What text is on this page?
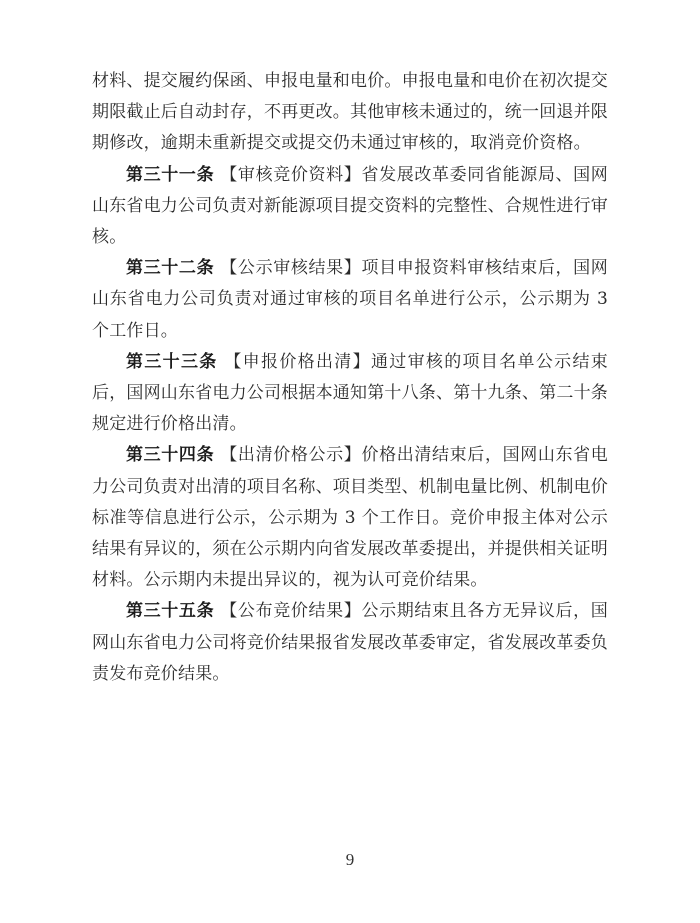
材料、提交履约保函、申报电量和电价。申报电量和电价在初次提交期限截止后自动封存，不再更改。其他审核未通过的，统一回退并限期修改，逾期未重新提交或提交仍未通过审核的，取消竞价资格。

第三十一条 【审核竞价资料】省发展改革委同省能源局、国网山东省电力公司负责对新能源项目提交资料的完整性、合规性进行审核。

第三十二条 【公示审核结果】项目申报资料审核结束后，国网山东省电力公司负责对通过审核的项目名单进行公示，公示期为 3 个工作日。

第三十三条 【申报价格出清】通过审核的项目名单公示结束后，国网山东省电力公司根据本通知第十八条、第十九条、第二十条规定进行价格出清。

第三十四条 【出清价格公示】价格出清结束后，国网山东省电力公司负责对出清的项目名称、项目类型、机制电量比例、机制电价标准等信息进行公示，公示期为 3 个工作日。竞价申报主体对公示结果有异议的，须在公示期内向省发展改革委提出，并提供相关证明材料。公示期内未提出异议的，视为认可竞价结果。

第三十五条 【公布竞价结果】公示期结束且各方无异议后，国网山东省电力公司将竞价结果报省发展改革委审定，省发展改革委负责发布竞价结果。

9
